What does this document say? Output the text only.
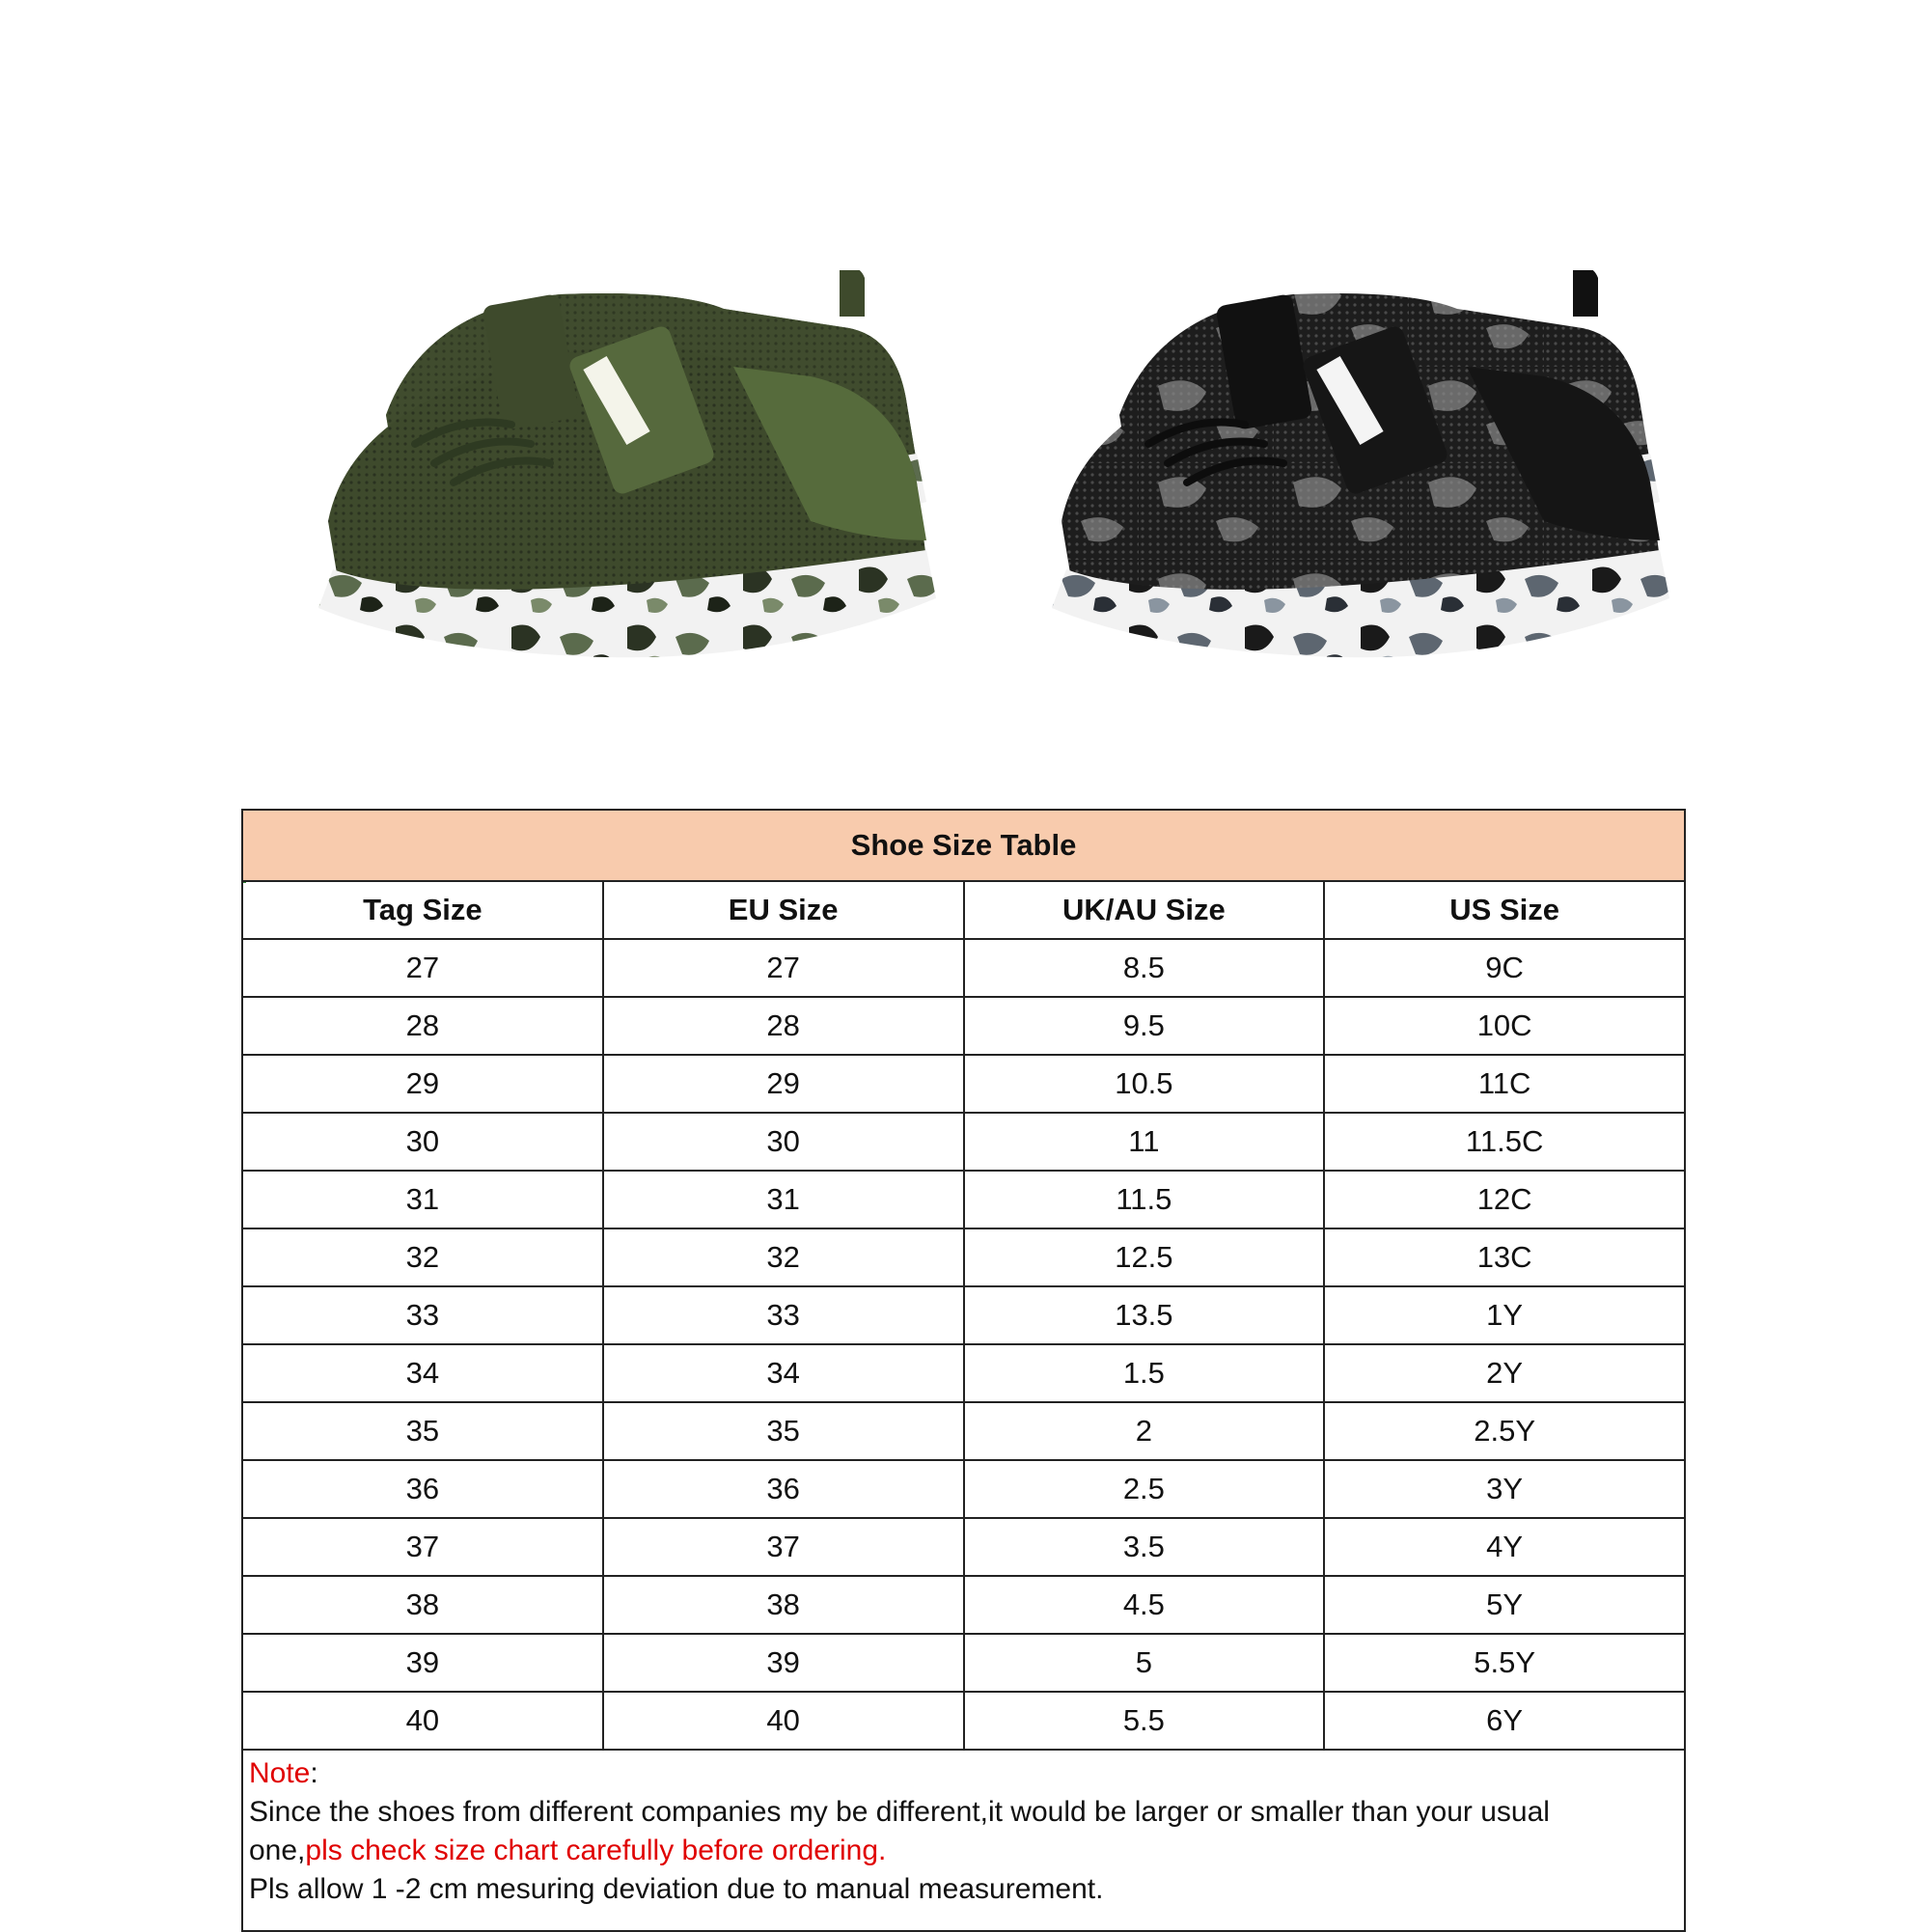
Shoe Size Table			
Tag Size	EU Size	UK/AU Size	US Size
27	27	8.5	9C
28	28	9.5	10C
29	29	10.5	11C
30	30	11	11.5C
31	31	11.5	12C
32	32	12.5	13C
33	33	13.5	1Y
34	34	1.5	2Y
35	35	2	2.5Y
36	36	2.5	3Y
37	37	3.5	4Y
38	38	4.5	5Y
39	39	5	5.5Y
40	40	5.5	6Y

Note:
Since the shoes from different companies my be different,it would be larger or smaller than your usual
one,pls check size chart carefully before ordering.
Pls allow 1 -2 cm mesuring deviation due to manual measurement.			
